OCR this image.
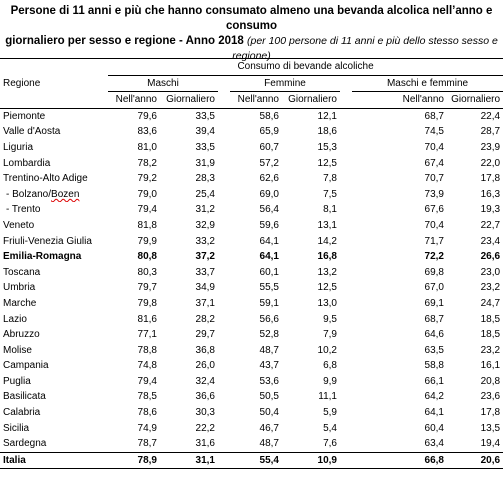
Persone di 11 anni e più che hanno consumato almeno una bevanda alcolica nell’anno e consumo
giornaliero per sesso e regione - Anno 2018 (per 100 persone di 11 anni e più dello stesso sesso e regione)
	Consumo di bevande alcoliche							
Regione	Maschi			Femmine			Maschi e femmine	
	Nell'anno	Giornaliero		Nell'anno	Giornaliero		Nell'anno	Giornaliero
Piemonte	79,6	33,5		58,6	12,1		68,7	22,4
Valle d'Aosta	83,6	39,4		65,9	18,6		74,5	28,7
Liguria	81,0	33,5		60,7	15,3		70,4	23,9
Lombardia	78,2	31,9		57,2	12,5		67,4	22,0
Trentino-Alto Adige	79,2	28,3		62,6	7,8		70,7	17,8
- Bolzano/Bozen	79,0	25,4		69,0	7,5		73,9	16,3
- Trento	79,4	31,2		56,4	8,1		67,6	19,3
Veneto	81,8	32,9		59,6	13,1		70,4	22,7
Friuli-Venezia Giulia	79,9	33,2		64,1	14,2		71,7	23,4
Emilia-Romagna	80,8	37,2		64,1	16,8		72,2	26,6
Toscana	80,3	33,7		60,1	13,2		69,8	23,0
Umbria	79,7	34,9		55,5	12,5		67,0	23,2
Marche	79,8	37,1		59,1	13,0		69,1	24,7
Lazio	81,6	28,2		56,6	9,5		68,7	18,5
Abruzzo	77,1	29,7		52,8	7,9		64,6	18,5
Molise	78,8	36,8		48,7	10,2		63,5	23,2
Campania	74,8	26,0		43,7	6,8		58,8	16,1
Puglia	79,4	32,4		53,6	9,9		66,1	20,8
Basilicata	78,5	36,6		50,5	11,1		64,2	23,6
Calabria	78,6	30,3		50,4	5,9		64,1	17,8
Sicilia	74,9	22,2		46,7	5,4		60,4	13,5
Sardegna	78,7	31,6		48,7	7,6		63,4	19,4
Italia	78,9	31,1		55,4	10,9		66,8	20,6
